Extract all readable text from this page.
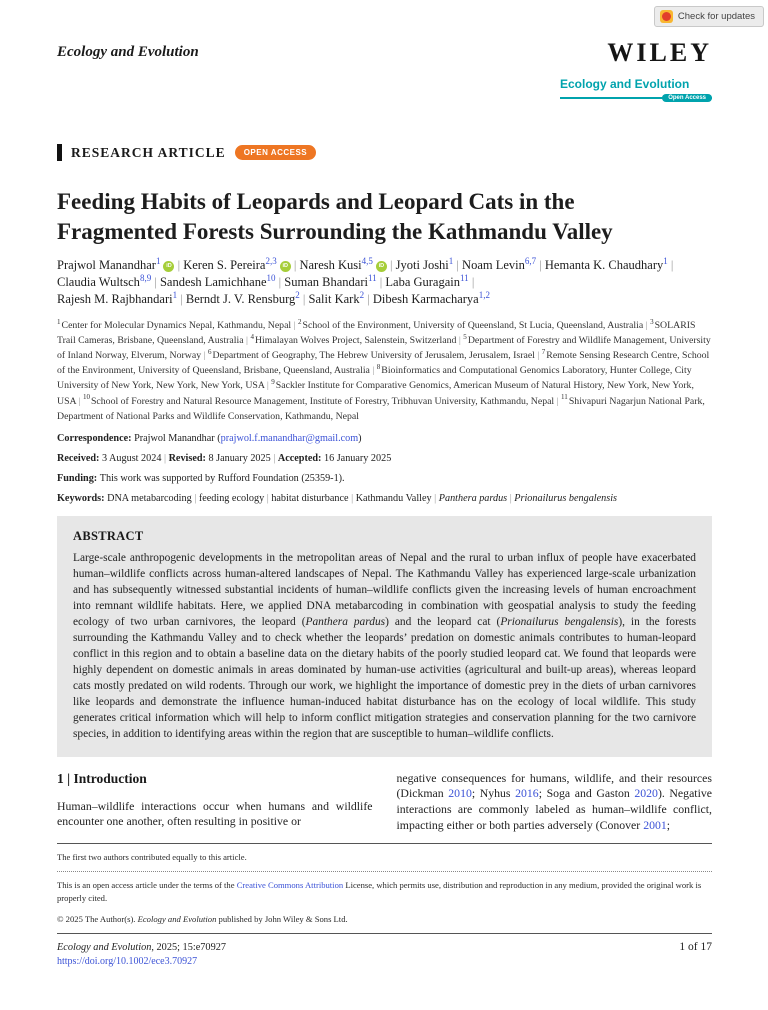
Check for updates
Ecology and Evolution	WILEY
Ecology and Evolution
Open Access
RESEARCH ARTICLE	OPEN ACCESS
Feeding Habits of Leopards and Leopard Cats in the Fragmented Forests Surrounding the Kathmandu Valley
Prajwol Manandhar$^1$iD | Keren S. Pereira$^{2,3}$iD | Naresh Kusi$^{4,5}$iD | Jyoti Joshi$^1$ | Noam Levin$^{6,7}$ | Hemanta K. Chaudhary$^1$ |
Claudia Wultsch$^{8,9}$ | Sandesh Lamichhane$^{10}$ | Suman Bhandari$^{11}$ | Laba Guragain$^{11}$ |
Rajesh M. Rajbhandari$^1$ | Berndt J. V. Rensburg$^2$ | Salit Kark$^2$ | Dibesh Karmacharya$^{1,2}$
$^1$Center for Molecular Dynamics Nepal, Kathmandu, Nepal | $^2$School of the Environment, University of Queensland, St Lucia, Queensland, Australia | $^3$SOLARIS Trail Cameras, Brisbane, Queensland, Australia | $^4$Himalayan Wolves Project, Salenstein, Switzerland | $^5$Department of Forestry and Wildlife Management, University of Inland Norway, Elverum, Norway | $^6$Department of Geography, The Hebrew University of Jerusalem, Jerusalem, Israel | $^7$Remote Sensing Research Centre, School of the Environment, University of Queensland, Brisbane, Queensland, Australia | $^8$Bioinformatics and Computational Genomics Laboratory, Hunter College, City University of New York, New York, New York, USA | $^9$Sackler Institute for Comparative Genomics, American Museum of Natural History, New York, New York, USA | $^{10}$School of Forestry and Natural Resource Management, Institute of Forestry, Tribhuvan University, Kathmandu, Nepal | $^{11}$Shivapuri Nagarjun National Park, Department of National Parks and Wildlife Conservation, Kathmandu, Nepal
Correspondence: Prajwol Manandhar (prajwol.f.manandhar@gmail.com)
Received: 3 August 2024 | Revised: 8 January 2025 | Accepted: 16 January 2025
Funding: This work was supported by Rufford Foundation (25359-1).
Keywords: DNA metabarcoding | feeding ecology | habitat disturbance | Kathmandu Valley | Panthera pardus | Prionailurus bengalensis
ABSTRACT

Large-scale anthropogenic developments in the metropolitan areas of Nepal and the rural to urban influx of people have exacerbated human–wildlife conflicts across human-altered landscapes of Nepal. The Kathmandu Valley has experienced large-scale urbanization and has subsequently witnessed substantial incidents of human–wildlife conflicts given the increasing levels of human encroachment into remnant wildlife habitats. Here, we applied DNA metabarcoding in combination with geospatial analysis to study the feeding ecology of two urban carnivores, the leopard (Panthera pardus) and the leopard cat (Prionailurus bengalensis), in the forests surrounding the Kathmandu Valley and to check whether the leopards’ predation on domestic animals contributes to human-leopard conflict in this region and to obtain a baseline data on the dietary habits of the poorly studied leopard cat. We found that leopards were highly dependent on domestic animals in areas dominated by human-use activities (agricultural and built-up areas), whereas leopard cats mostly predated on wild rodents. Through our work, we highlight the importance of domestic prey in the diets of urban carnivores like leopards and demonstrate the influence human-induced habitat disturbance has on the ecology of local wildlife. This study generates critical information which will help to inform conflict mitigation strategies and conservation planning for the two carnivore species, in addition to identifying areas within the region that are susceptible to human–wildlife conflicts.

1 | Introduction

Human–wildlife interactions occur when humans and wildlife encounter one another, often resulting in positive or

negative consequences for humans, wildlife, and their resources (Dickman 2010; Nyhus 2016; Soga and Gaston 2020). Negative interactions are commonly labeled as human–wildlife conflict, impacting either or both parties adversely (Conover 2001;

The first two authors contributed equally to this article.
This is an open access article under the terms of the Creative Commons Attribution License, which permits use, distribution and reproduction in any medium, provided the original work is properly cited.
© 2025 The Author(s). Ecology and Evolution published by John Wiley & Sons Ltd.
Ecology and Evolution, 2025; 15:e70927
https://doi.org/10.1002/ece3.70927
1 of 17
